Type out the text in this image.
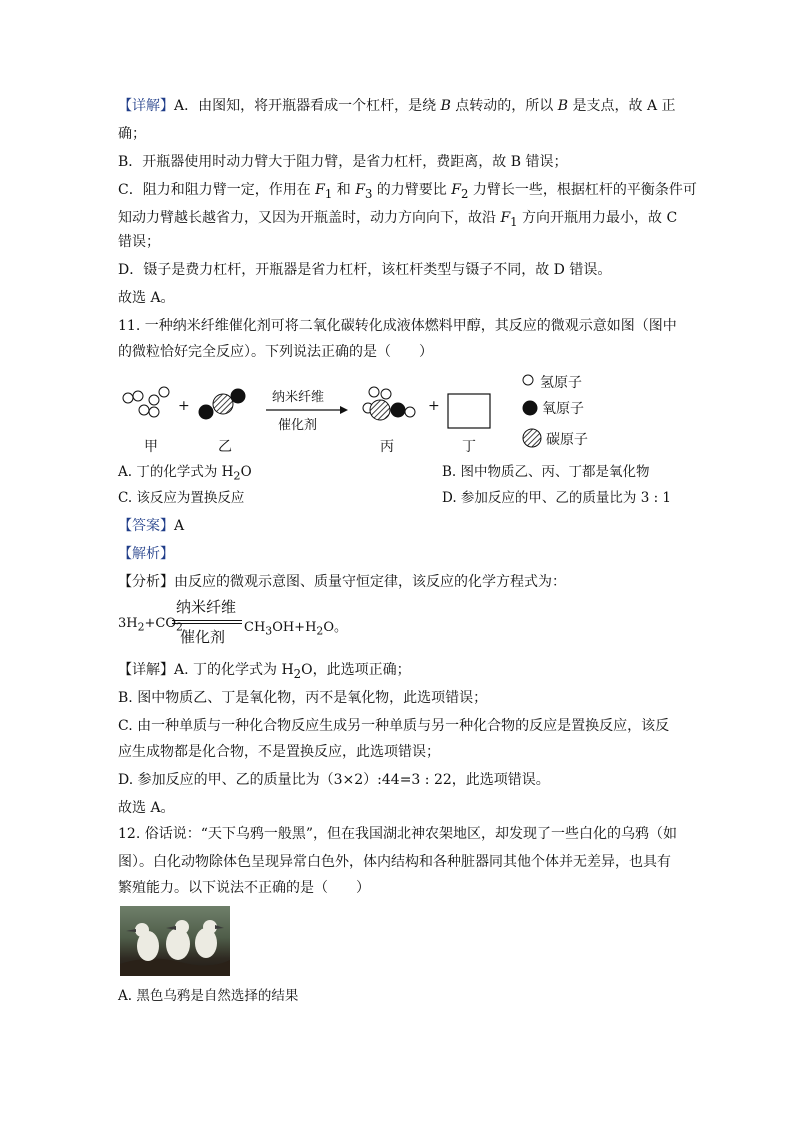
【详解】A．由图知，将开瓶器看成一个杠杆，是绕 B 点转动的，所以 B 是支点，故 A 正
确；
B．开瓶器使用时动力臂大于阻力臂，是省力杠杆，费距离，故 B 错误；
C．阻力和阻力臂一定，作用在 $F_1$ 和 $F_3$ 的力臂要比 $F_2$ 力臂长一些，根据杠杆的平衡条件可
知动力臂越长越省力，又因为开瓶盖时，动力方向向下，故沿 $F_1$ 方向开瓶用力最小，故 C
错误；
D．镊子是费力杠杆，开瓶器是省力杠杆，该杠杆类型与镊子不同，故 D 错误。
故选 A。
11. 一种纳米纤维催化剂可将二氧化碳转化成液体燃料甲醇，其反应的微观示意如图（图中
的微粒恰好完全反应）。下列说法正确的是（　　）
+
纳米纤维
催化剂
+
甲	乙	丙	丁
氢原子
氧原子
碳原子
A. 丁的化学式为 $H_2O$	B. 图中物质乙、丙、丁都是氧化物
C. 该反应为置换反应	D. 参加反应的甲、乙的质量比为 3 : 1
【答案】A
【解析】
【分析】由反应的微观示意图、质量守恒定律，该反应的化学方程式为：
$3H_2+CO_2$
纳米纤维
催化剂
$CH_3OH+H_2O$。
【详解】A. 丁的化学式为 $H_2O$，此选项正确；
B. 图中物质乙、丁是氧化物，丙不是氧化物，此选项错误；
C. 由一种单质与一种化合物反应生成另一种单质与另一种化合物的反应是置换反应，该反
应生成物都是化合物，不是置换反应，此选项错误；
D. 参加反应的甲、乙的质量比为（3×2）:44=3 : 22，此选项错误。
故选 A。
12. 俗话说：“天下乌鸦一般黑”，但在我国湖北神农架地区，却发现了一些白化的乌鸦（如
图）。白化动物除体色呈现异常白色外，体内结构和各种脏器同其他个体并无差异，也具有
繁殖能力。以下说法不正确的是（　　）
A. 黑色乌鸦是自然选择的结果
